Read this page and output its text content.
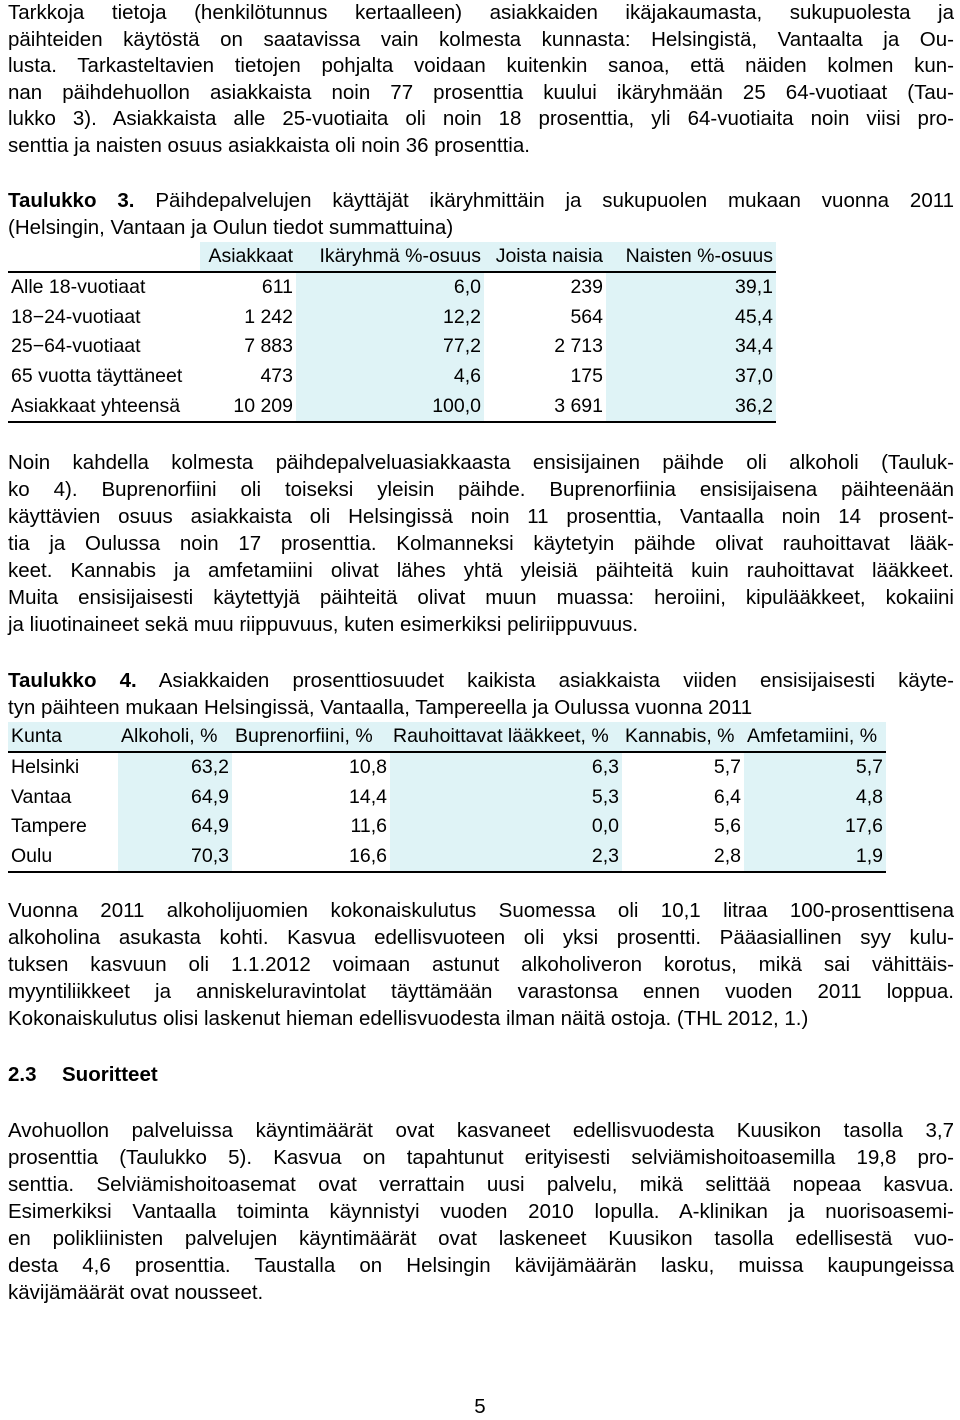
Tarkkoja tietoja (henkilötunnus kertaalleen) asiakkaiden ikäjakaumasta, sukupuolesta ja
päihteiden käytöstä on saatavissa vain kolmesta kunnasta: Helsingistä, Vantaalta ja Ou-
lusta. Tarkasteltavien tietojen pohjalta voidaan kuitenkin sanoa, että näiden kolmen kun-
nan päihdehuollon asiakkaista noin 77 prosenttia kuului ikäryhmään 25 64-vuotiaat (Tau-
lukko 3). Asiakkaista alle 25-vuotiaita oli noin 18 prosenttia, yli 64-vuotiaita noin viisi pro-
senttia ja naisten osuus asiakkaista oli noin 36 prosenttia.
Taulukko 3. Päihdepalvelujen käyttäjät ikäryhmittäin ja sukupuolen mukaan vuonna 2011
(Helsingin, Vantaan ja Oulun tiedot summattuina)
	Asiakkaat	Ikäryhmä %-osuus	Joista naisia	Naisten %-osuus
Alle 18-vuotiaat	611	6,0	239	39,1
18−24-vuotiaat	1 242	12,2	564	45,4
25−64-vuotiaat	7 883	77,2	2 713	34,4
65 vuotta täyttäneet	473	4,6	175	37,0
Asiakkaat yhteensä	10 209	100,0	3 691	36,2
Noin kahdella kolmesta päihdepalveluasiakkaasta ensisijainen päihde oli alkoholi (Tauluk-
ko 4). Buprenorfiini oli toiseksi yleisin päihde. Buprenorfiinia ensisijaisena päihteenään
käyttävien osuus asiakkaista oli Helsingissä noin 11 prosenttia, Vantaalla noin 14 prosent-
tia ja Oulussa noin 17 prosenttia. Kolmanneksi käytetyin päihde olivat rauhoittavat lääk-
keet. Kannabis ja amfetamiini olivat lähes yhtä yleisiä päihteitä kuin rauhoittavat lääkkeet.
Muita ensisijaisesti käytettyjä päihteitä olivat muun muassa: heroiini, kipulääkkeet, kokaiini
ja liuotinaineet sekä muu riippuvuus, kuten esimerkiksi peliriippuvuus.
Taulukko 4. Asiakkaiden prosenttiosuudet kaikista asiakkaista viiden ensisijaisesti käyte-
tyn päihteen mukaan Helsingissä, Vantaalla, Tampereella ja Oulussa vuonna 2011
Kunta	Alkoholi, %	Buprenorfiini, %	Rauhoittavat lääkkeet, %	Kannabis, %	Amfetamiini, %
Helsinki	63,2	10,8	6,3	5,7	5,7
Vantaa	64,9	14,4	5,3	6,4	4,8
Tampere	64,9	11,6	0,0	5,6	17,6
Oulu	70,3	16,6	2,3	2,8	1,9
Vuonna 2011 alkoholijuomien kokonaiskulutus Suomessa oli 10,1 litraa 100-prosenttisena
alkoholina asukasta kohti. Kasvua edellisvuoteen oli yksi prosentti. Pääasiallinen syy kulu-
tuksen kasvuun oli 1.1.2012 voimaan astunut alkoholiveron korotus, mikä sai vähittäis-
myyntiliikkeet ja anniskeluravintolat täyttämään varastonsa ennen vuoden 2011 loppua.
Kokonaiskulutus olisi laskenut hieman edellisvuodesta ilman näitä ostoja. (THL 2012, 1.)
2.3 Suoritteet
Avohuollon palveluissa käyntimäärät ovat kasvaneet edellisvuodesta Kuusikon tasolla 3,7
prosenttia (Taulukko 5). Kasvua on tapahtunut erityisesti selviämishoitoasemilla 19,8 pro-
senttia. Selviämishoitoasemat ovat verrattain uusi palvelu, mikä selittää nopeaa kasvua.
Esimerkiksi Vantaalla toiminta käynnistyi vuoden 2010 lopulla. A-klinikan ja nuorisoasemi-
en polikliinisten palvelujen käyntimäärät ovat laskeneet Kuusikon tasolla edellisestä vuo-
desta 4,6 prosenttia. Taustalla on Helsingin kävijämäärän lasku, muissa kaupungeissa
kävijämäärät ovat nousseet.
5
